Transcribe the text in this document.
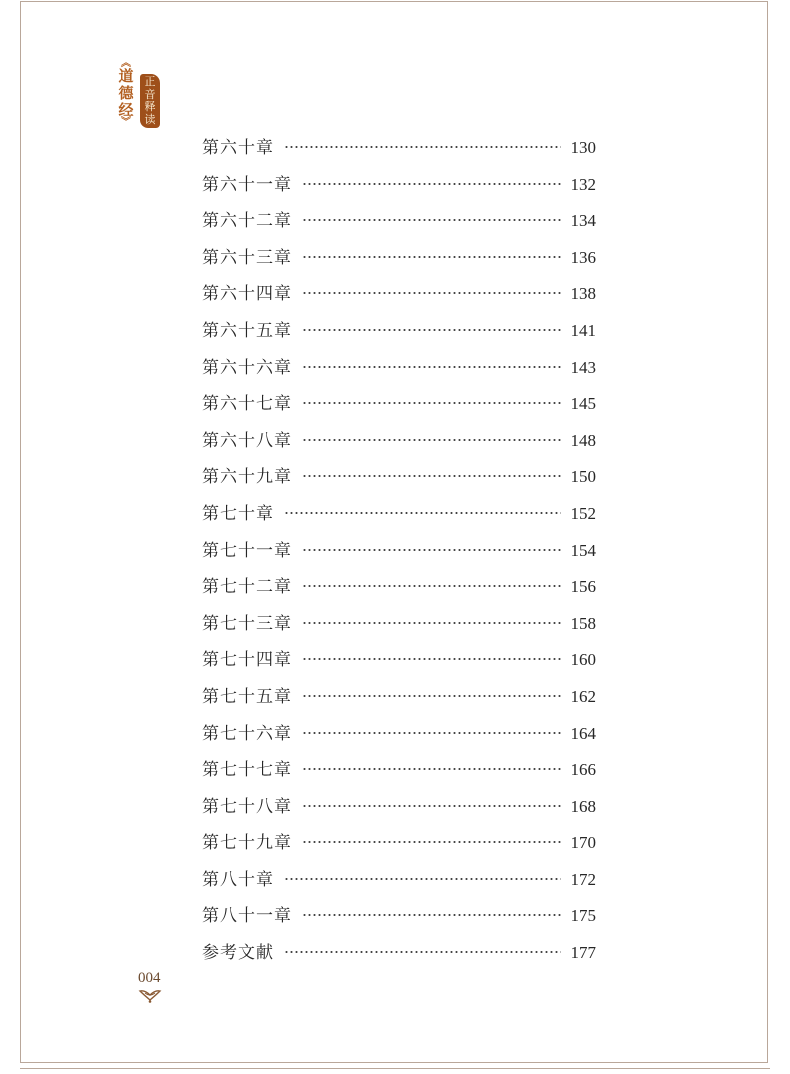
︽
道
德
经
︾
正
音
释
读
第六十章	130
第六十一章	132
第六十二章	134
第六十三章	136
第六十四章	138
第六十五章	141
第六十六章	143
第六十七章	145
第六十八章	148
第六十九章	150
第七十章	152
第七十一章	154
第七十二章	156
第七十三章	158
第七十四章	160
第七十五章	162
第七十六章	164
第七十七章	166
第七十八章	168
第七十九章	170
第八十章	172
第八十一章	175
参考文献	177
004
